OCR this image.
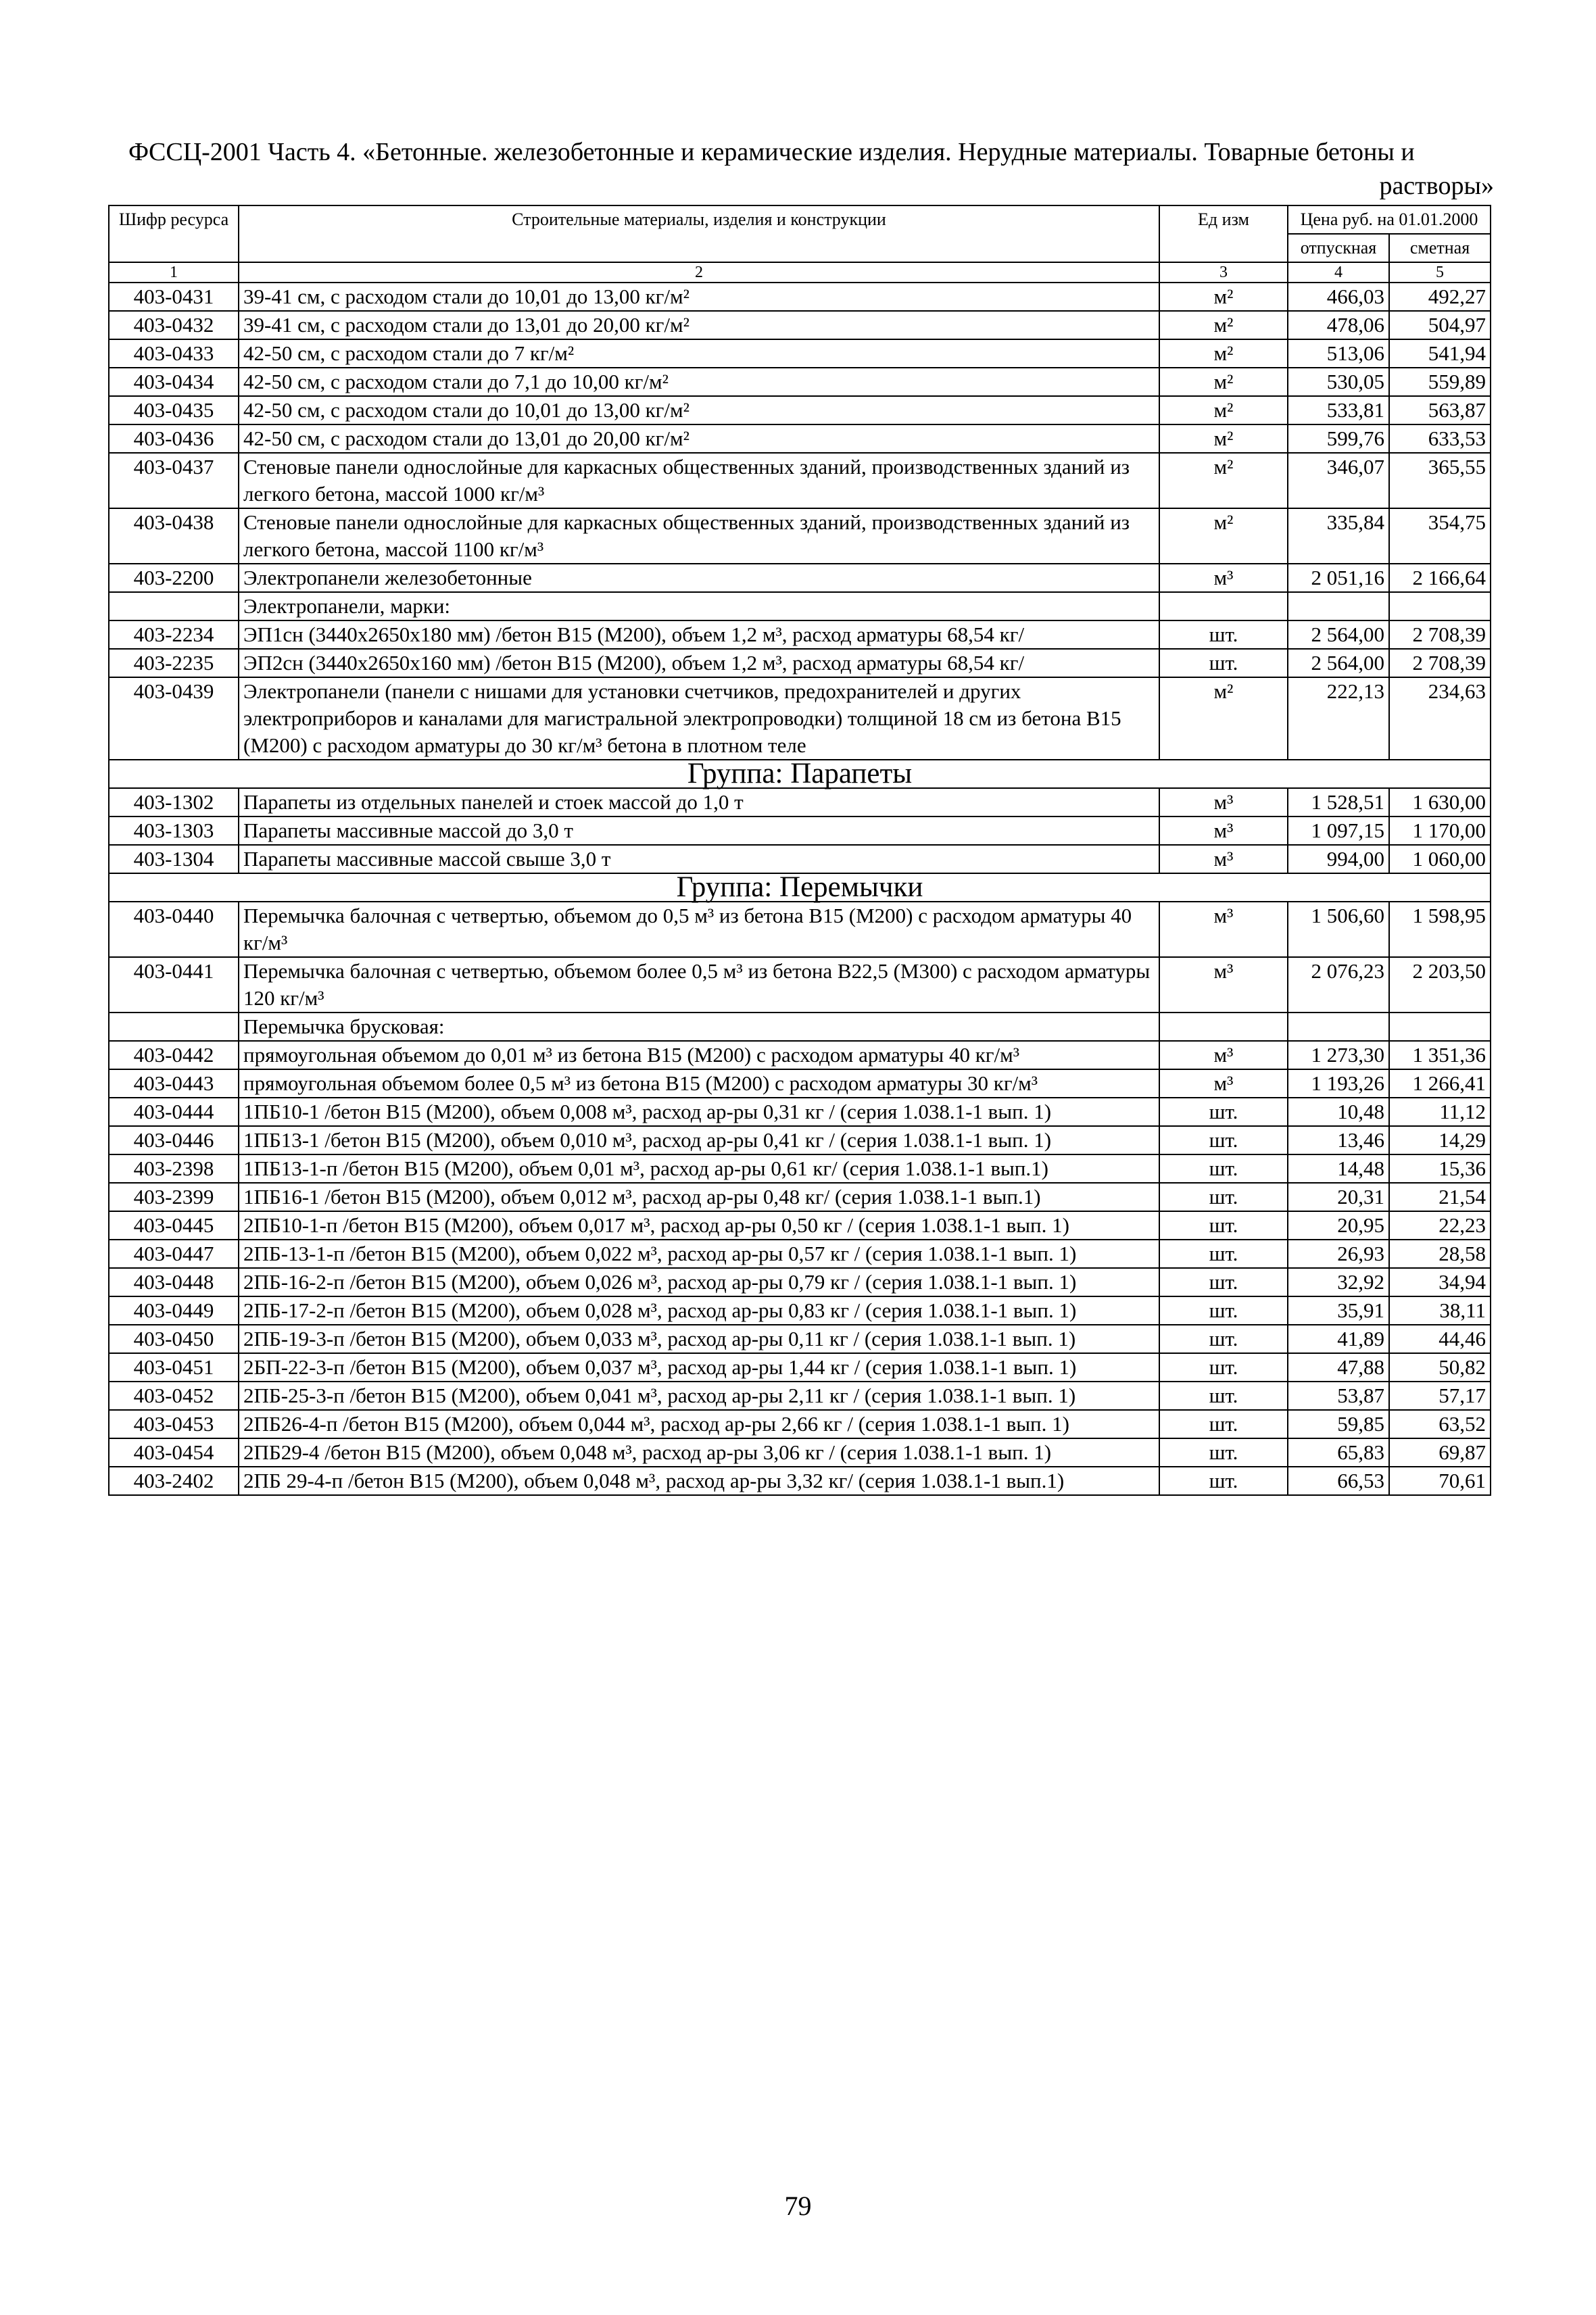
ФССЦ-2001 Часть 4. «Бетонные. железобетонные и керамические изделия. Нерудные материалы. Товарные бетоны и
растворы»
Шифр ресурса	Строительные материалы, изделия и конструкции	Ед изм	Цена руб. на 01.01.2000	
			отпускная	сметная
1	2	3	4	5
403-0431	39-41 см, с расходом стали до 10,01 до 13,00 кг/м²	м²	466,03	492,27
403-0432	39-41 см, с расходом стали до 13,01 до 20,00 кг/м²	м²	478,06	504,97
403-0433	42-50 см, с расходом стали до 7 кг/м²	м²	513,06	541,94
403-0434	42-50 см, с расходом стали до 7,1 до 10,00 кг/м²	м²	530,05	559,89
403-0435	42-50 см, с расходом стали до 10,01 до 13,00 кг/м²	м²	533,81	563,87
403-0436	42-50 см, с расходом стали до 13,01 до 20,00 кг/м²	м²	599,76	633,53
403-0437	Стеновые панели однослойные для каркасных общественных зданий, производственных зданий из легкого бетона, массой 1000 кг/м³	м²	346,07	365,55
403-0438	Стеновые панели однослойные для каркасных общественных зданий, производственных зданий из легкого бетона, массой 1100 кг/м³	м²	335,84	354,75
403-2200	Электропанели железобетонные	м³	2 051,16	2 166,64
	Электропанели, марки:			
403-2234	ЭП1сн (3440х2650х180 мм) /бетон В15 (М200), объем 1,2 м³, расход арматуры 68,54 кг/	шт.	2 564,00	2 708,39
403-2235	ЭП2сн (3440х2650х160 мм) /бетон В15 (М200), объем 1,2 м³, расход арматуры 68,54 кг/	шт.	2 564,00	2 708,39
403-0439	Электропанели (панели с нишами для установки счетчиков, предохранителей и других электроприборов и каналами для магистральной электропроводки) толщиной 18 см из бетона В15 (М200) с расходом арматуры до 30 кг/м³ бетона в плотном теле	м²	222,13	234,63
Группа: Парапеты				
403-1302	Парапеты из отдельных панелей и стоек массой до 1,0 т	м³	1 528,51	1 630,00
403-1303	Парапеты массивные массой до 3,0 т	м³	1 097,15	1 170,00
403-1304	Парапеты массивные массой свыше 3,0 т	м³	994,00	1 060,00
Группа: Перемычки				
403-0440	Перемычка балочная с четвертью, объемом до 0,5 м³ из бетона В15 (М200) с расходом арматуры 40 кг/м³	м³	1 506,60	1 598,95
403-0441	Перемычка балочная с четвертью, объемом более 0,5 м³ из бетона В22,5 (М300) с расходом арматуры 120 кг/м³	м³	2 076,23	2 203,50
	Перемычка брусковая:			
403-0442	прямоугольная объемом до 0,01 м³ из бетона В15 (М200) с расходом арматуры 40 кг/м³	м³	1 273,30	1 351,36
403-0443	прямоугольная объемом более 0,5 м³ из бетона В15 (М200) с расходом арматуры 30 кг/м³	м³	1 193,26	1 266,41
403-0444	1ПБ10-1 /бетон В15 (М200), объем 0,008 м³, расход ар-ры 0,31 кг / (серия 1.038.1-1 вып. 1)	шт.	10,48	11,12
403-0446	1ПБ13-1 /бетон В15 (М200), объем 0,010 м³, расход ар-ры 0,41 кг / (серия 1.038.1-1 вып. 1)	шт.	13,46	14,29
403-2398	1ПБ13-1-п /бетон В15 (М200), объем 0,01 м³, расход ар-ры 0,61 кг/ (серия 1.038.1-1 вып.1)	шт.	14,48	15,36
403-2399	1ПБ16-1 /бетон В15 (М200), объем 0,012 м³, расход ар-ры 0,48 кг/ (серия 1.038.1-1 вып.1)	шт.	20,31	21,54
403-0445	2ПБ10-1-п /бетон В15 (М200), объем 0,017 м³, расход ар-ры 0,50 кг / (серия 1.038.1-1 вып. 1)	шт.	20,95	22,23
403-0447	2ПБ-13-1-п /бетон В15 (М200), объем 0,022 м³, расход ар-ры 0,57 кг / (серия 1.038.1-1 вып. 1)	шт.	26,93	28,58
403-0448	2ПБ-16-2-п /бетон В15 (М200), объем 0,026 м³, расход ар-ры 0,79 кг / (серия 1.038.1-1 вып. 1)	шт.	32,92	34,94
403-0449	2ПБ-17-2-п /бетон В15 (М200), объем 0,028 м³, расход ар-ры 0,83 кг / (серия 1.038.1-1 вып. 1)	шт.	35,91	38,11
403-0450	2ПБ-19-3-п /бетон В15 (М200), объем 0,033 м³, расход ар-ры 0,11 кг / (серия 1.038.1-1 вып. 1)	шт.	41,89	44,46
403-0451	2БП-22-3-п /бетон В15 (М200), объем 0,037 м³, расход ар-ры 1,44 кг / (серия 1.038.1-1 вып. 1)	шт.	47,88	50,82
403-0452	2ПБ-25-3-п /бетон В15 (М200), объем 0,041 м³, расход ар-ры 2,11 кг / (серия 1.038.1-1 вып. 1)	шт.	53,87	57,17
403-0453	2ПБ26-4-п /бетон В15 (М200), объем 0,044 м³, расход ар-ры 2,66 кг / (серия 1.038.1-1 вып. 1)	шт.	59,85	63,52
403-0454	2ПБ29-4 /бетон В15 (М200), объем 0,048 м³, расход ар-ры 3,06 кг / (серия 1.038.1-1 вып. 1)	шт.	65,83	69,87
403-2402	2ПБ 29-4-п /бетон В15 (М200), объем 0,048 м³, расход ар-ры 3,32 кг/ (серия 1.038.1-1 вып.1)	шт.	66,53	70,61
79
